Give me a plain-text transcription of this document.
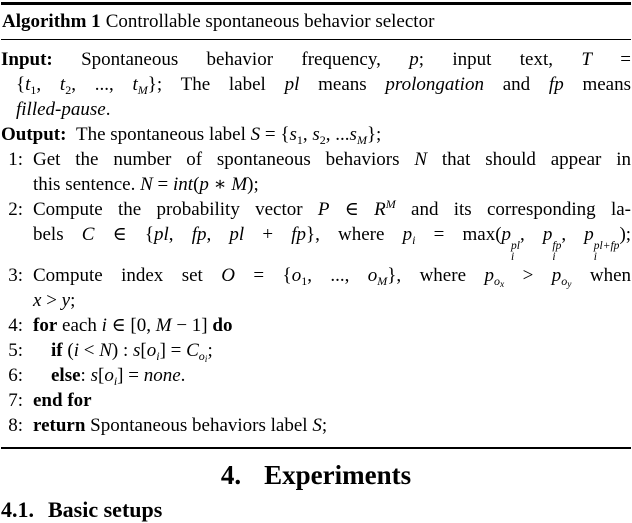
Algorithm 1 Controllable spontaneous behavior selector
Input: Spontaneous behavior frequency, p; input text, T =
{$t_1$, $t_2$, ..., $t_M$}; The label pl means prolongation and fp means
filled-pause.
Output: The spontaneous label $S = \{s_1$, $s_2$, $...s_M$};
1: Get the number of spontaneous behaviors N that should appear in
this sentence. N = int(p ∗ M);
2: Compute the probability vector P ∈ $R^M$ and its corresponding la-
bels C ∈ {pl, fp, pl + fp}, where $p_i = \max(p$
pl
i
, p
fp
i
, p
pl+fp
i
);
3: Compute index set $O = \{o_1$, ..., $o_M$}, where $p_{ox} > p_{oy}$ when
x > y;
4: for each i ∈ [0, M − 1] do
5:	if (i < N) : $s[o_i] = C_{oi}$;
6:	else: $s[o_i]$ = none.
7: end for
8: return Spontaneous behaviors label S;
4. Experiments
4.1. Basic setups
